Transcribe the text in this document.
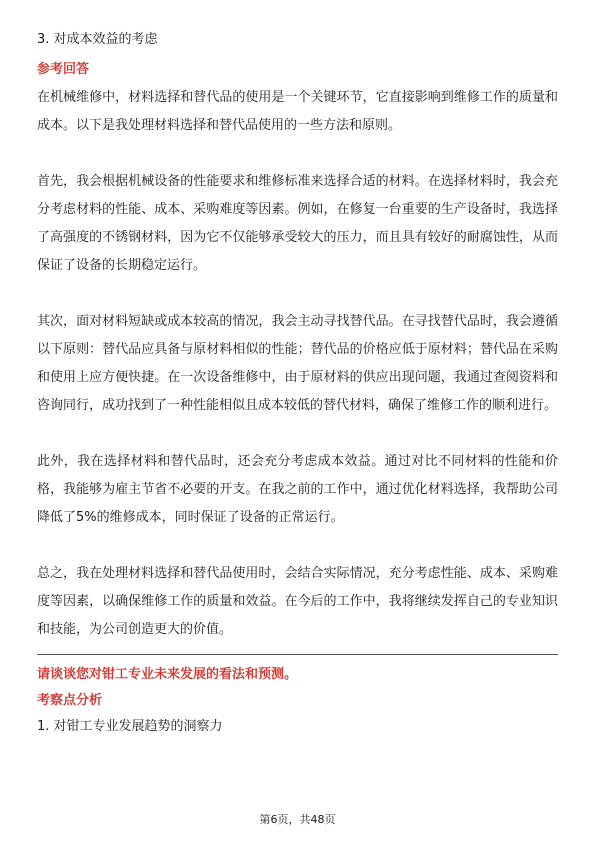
3. 对成本效益的考虑
参考回答

在机械维修中，材料选择和替代品的使用是一个关键环节，它直接影响到维修工作的质量和成本。以下是我处理材料选择和替代品使用的一些方法和原则。

首先，我会根据机械设备的性能要求和维修标准来选择合适的材料。在选择材料时，我会充分考虑材料的性能、成本、采购难度等因素。例如，在修复一台重要的生产设备时，我选择了高强度的不锈钢材料，因为它不仅能够承受较大的压力，而且具有较好的耐腐蚀性，从而保证了设备的长期稳定运行。

其次，面对材料短缺或成本较高的情况，我会主动寻找替代品。在寻找替代品时，我会遵循以下原则：替代品应具备与原材料相似的性能；替代品的价格应低于原材料；替代品在采购和使用上应方便快捷。在一次设备维修中，由于原材料的供应出现问题，我通过查阅资料和咨询同行，成功找到了一种性能相似且成本较低的替代材料，确保了维修工作的顺利进行。

此外，我在选择材料和替代品时，还会充分考虑成本效益。通过对比不同材料的性能和价格，我能够为雇主节省不必要的开支。在我之前的工作中，通过优化材料选择，我帮助公司降低了5%的维修成本，同时保证了设备的正常运行。

总之，我在处理材料选择和替代品使用时，会结合实际情况，充分考虑性能、成本、采购难度等因素，以确保维修工作的质量和效益。在今后的工作中，我将继续发挥自己的专业知识和技能，为公司创造更大的价值。

请谈谈您对钳工专业未来发展的看法和预测。
考察点分析
1. 对钳工专业发展趋势的洞察力
第6页，共48页
